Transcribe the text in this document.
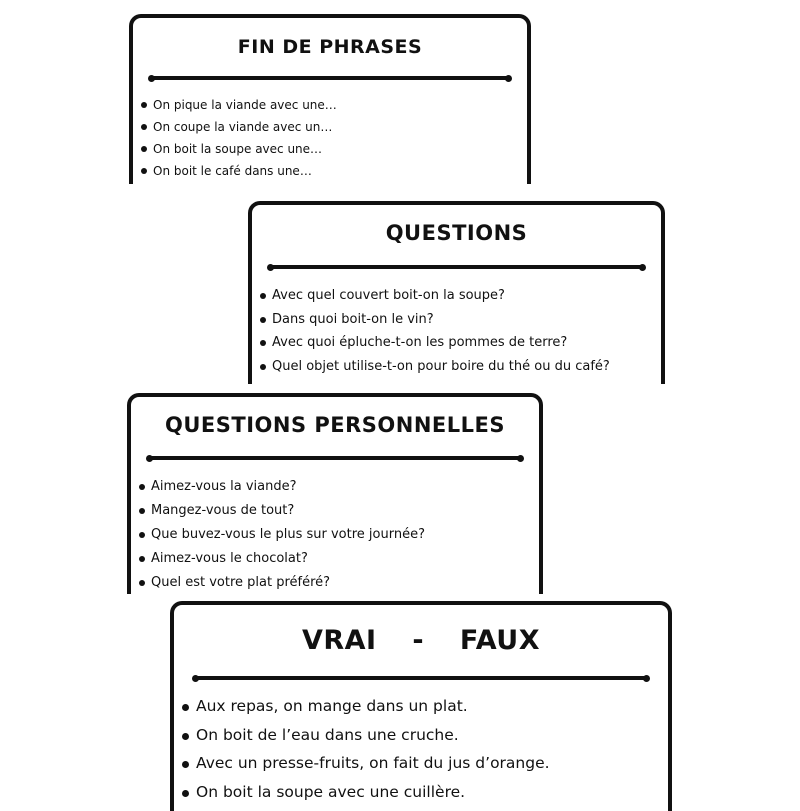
FIN DE PHRASES
On pique la viande avec une…
On coupe la viande avec un…
On boit la soupe avec une…
On boit le café dans une…
QUESTIONS
Avec quel couvert boit-on la soupe?
Dans quoi boit-on le vin?
Avec quoi épluche-t-on les pommes de terre?
Quel objet utilise-t-on pour boire du thé ou du café?
QUESTIONS PERSONNELLES
Aimez-vous la viande?
Mangez-vous de tout?
Que buvez-vous le plus sur votre journée?
Aimez-vous le chocolat?
Quel est votre plat préféré?
VRAI  -  FAUX
Aux repas, on mange dans un plat.
On boit de l’eau dans une cruche.
Avec un presse-fruits, on fait du jus d’orange.
On boit la soupe avec une cuillère.
